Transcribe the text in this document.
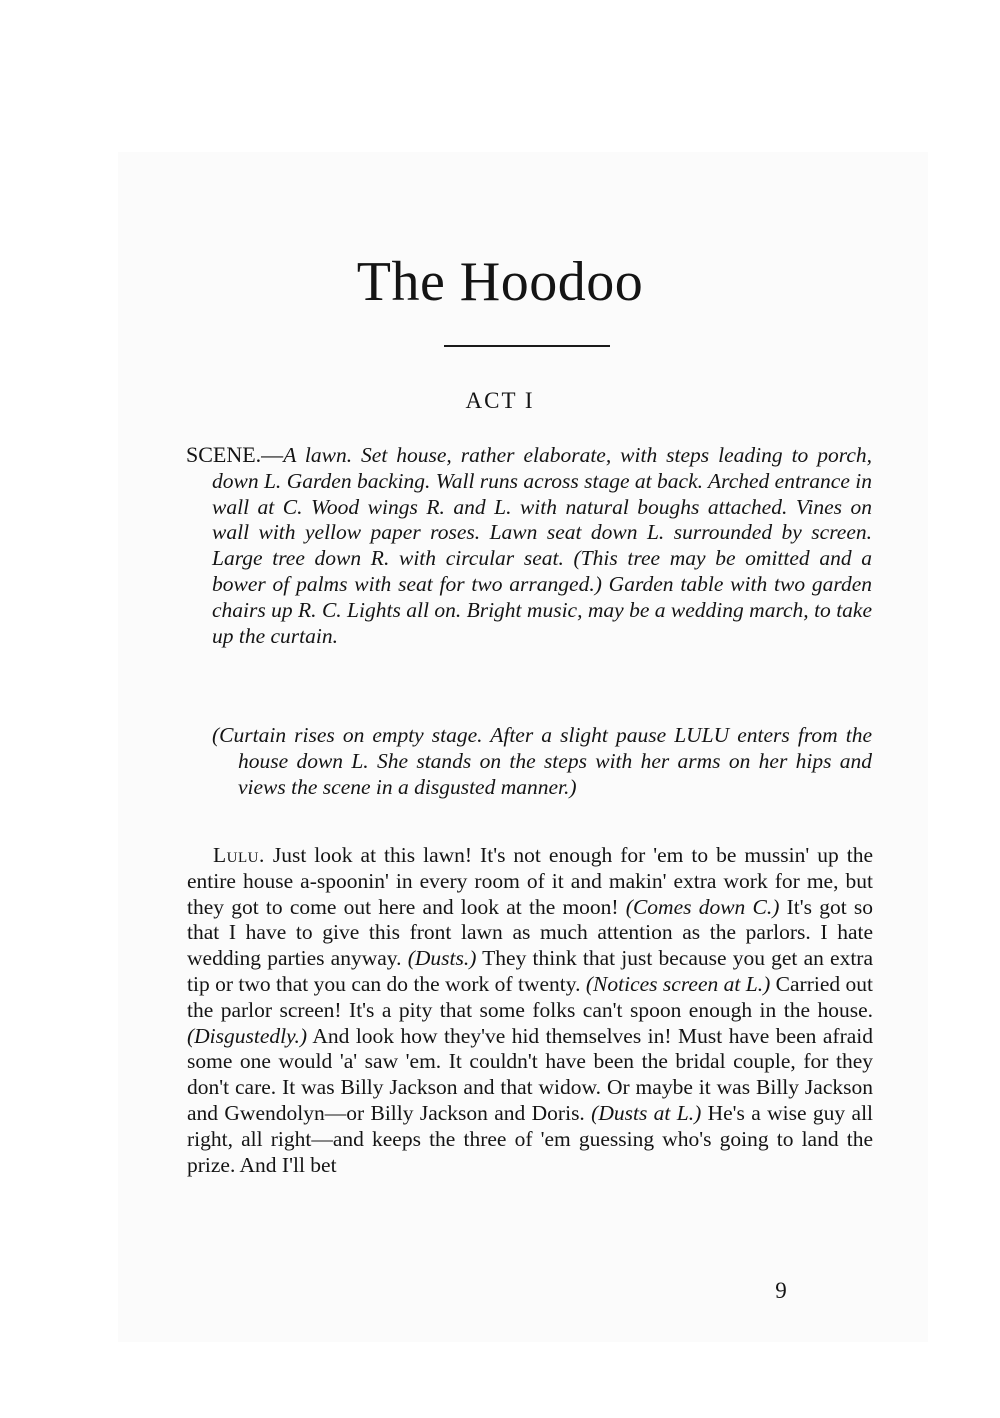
The Hoodoo
ACT I

SCENE.—A lawn. Set house, rather elaborate, with steps leading to porch, down L. Garden backing. Wall runs across stage at back. Arched entrance in wall at C. Wood wings R. and L. with natural boughs attached. Vines on wall with yellow paper roses. Lawn seat down L. surrounded by screen. Large tree down R. with circular seat. (This tree may be omitted and a bower of palms with seat for two arranged.) Garden table with two garden chairs up R. C. Lights all on. Bright music, may be a wedding march, to take up the curtain.

(Curtain rises on empty stage. After a slight pause LULU enters from the house down L. She stands on the steps with her arms on her hips and views the scene in a disgusted manner.)

Lulu. Just look at this lawn! It's not enough for 'em to be mussin' up the entire house a-spoonin' in every room of it and makin' extra work for me, but they got to come out here and look at the moon! (Comes down C.) It's got so that I have to give this front lawn as much attention as the parlors. I hate wedding parties anyway. (Dusts.) They think that just because you get an extra tip or two that you can do the work of twenty. (Notices screen at L.) Carried out the parlor screen! It's a pity that some folks can't spoon enough in the house. (Disgustedly.) And look how they've hid themselves in! Must have been afraid some one would 'a' saw 'em. It couldn't have been the bridal couple, for they don't care. It was Billy Jackson and that widow. Or maybe it was Billy Jackson and Gwendolyn—or Billy Jackson and Doris. (Dusts at L.) He's a wise guy all right, all right—and keeps the three of 'em guessing who's going to land the prize. And I'll bet

9
